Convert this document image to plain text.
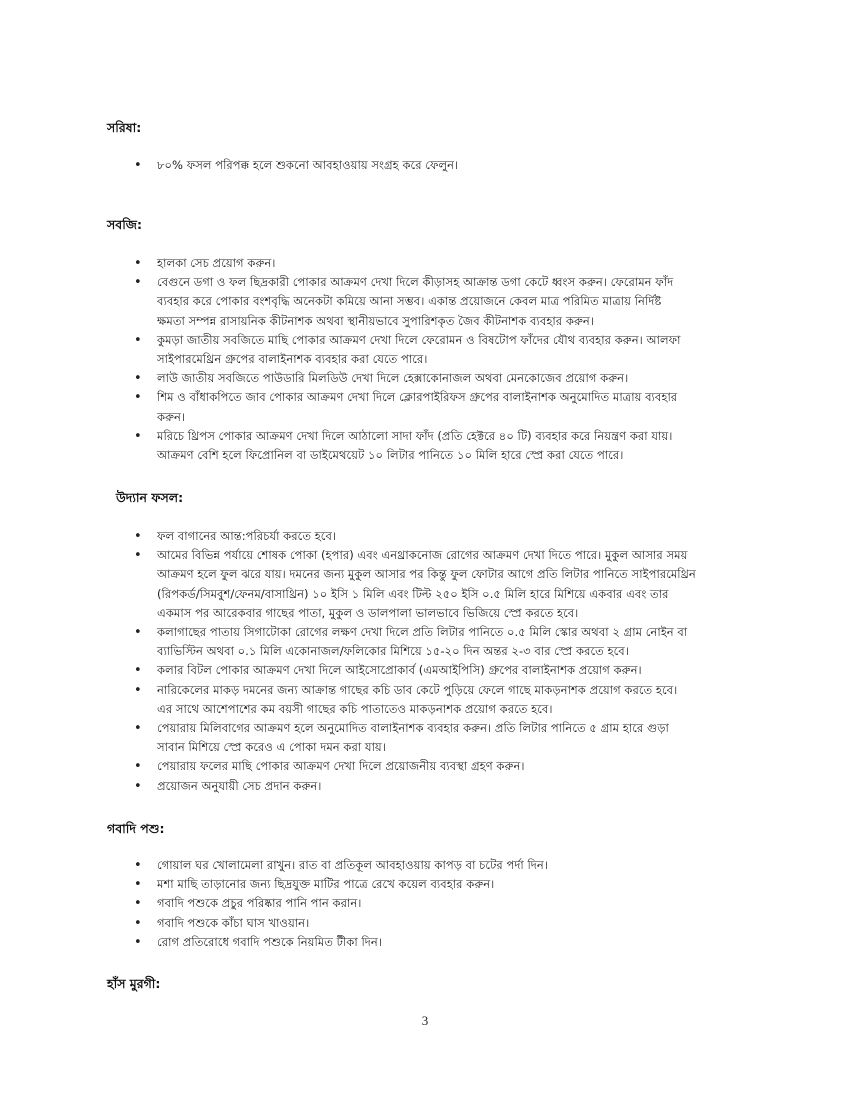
সরিষা:
• ৮০% ফসল পরিপক্ক হলে শুকনো আবহাওয়ায় সংগ্রহ করে ফেলুন।
সবজি:
• হালকা সেচ প্রয়োগ করুন।
• বেগুনে ডগা ও ফল ছিদ্রকারী পোকার আক্রমণ দেখা দিলে কীড়াসহ আক্রান্ত ডগা কেটে ধ্বংস করুন। ফেরোমন ফাঁদ
ব্যবহার করে পোকার বংশবৃদ্ধি অনেকটা কমিয়ে আনা সম্ভব। একান্ত প্রয়োজনে কেবল মাত্র পরিমিত মাত্রায় নির্দিষ্ট
ক্ষমতা সম্পন্ন রাসায়নিক কীটনাশক অথবা স্থানীয়ভাবে সুপারিশকৃত জৈব কীটনাশক ব্যবহার করুন।
• কুমড়া জাতীয় সবজিতে মাছি পোকার আক্রমণ দেখা দিলে ফেরোমন ও বিষটোপ ফাঁদের যৌথ ব্যবহার করুন। আলফা
সাইপারমেথ্রিন গ্রুপের বালাইনাশক ব্যবহার করা যেতে পারে।
• লাউ জাতীয় সবজিতে পাউডারি মিলডিউ দেখা দিলে হেক্সাকোনাজল অথবা মেনকোজেব প্রয়োগ করুন।
• শিম ও বাঁধাকপিতে জাব পোকার আক্রমণ দেখা দিলে ক্লোরপাইরিফস গ্রুপের বালাইনাশক অনুমোদিত মাত্রায় ব্যবহার
করুন।
• মরিচে থ্রিপস পোকার আক্রমণ দেখা দিলে আঠালো সাদা ফাঁদ (প্রতি হেক্টরে ৪০ টি) ব্যবহার করে নিয়ন্ত্রণ করা যায়।
আক্রমণ বেশি হলে ফিপ্রোনিল বা ডাইমেথয়েট ১০ লিটার পানিতে ১০ মিলি হারে স্প্রে করা যেতে পারে।
উদ্যান ফসল:
• ফল বাগানের আন্ত:পরিচর্যা করতে হবে।
• আমের বিভিন্ন পর্যায়ে শোষক পোকা (হপার) এবং এনথ্রাকনোজ রোগের আক্রমণ দেখা দিতে পারে। মুকুল আসার সময়
আক্রমণ হলে ফুল ঝরে যায়। দমনের জন্য মুকুল আসার পর কিন্তু ফুল ফোটার আগে প্রতি লিটার পানিতে সাইপারমেথ্রিন
(রিপকর্ড/সিমবুশ/ফেনম/বাসাথ্রিন) ১০ ইসি ১ মিলি এবং টিল্ট ২৫০ ইসি ০.৫ মিলি হারে মিশিয়ে একবার এবং তার
একমাস পর আরেকবার গাছের পাতা, মুকুল ও ডালপালা ভালভাবে ভিজিয়ে স্প্রে করতে হবে।
• কলাগাছের পাতায় সিগাটোকা রোগের লক্ষণ দেখা দিলে প্রতি লিটার পানিতে ০.৫ মিলি স্কোর অথবা ২ গ্রাম নোইন বা
ব্যাভিস্টিন অথবা ০.১ মিলি একোনাজল/ফলিকোর মিশিয়ে ১৫-২০ দিন অন্তর ২-৩ বার স্প্রে করতে হবে।
• কলার বিটল পোকার আক্রমণ দেখা দিলে আইসোপ্রোকার্ব (এমআইপিসি) গ্রুপের বালাইনাশক প্রয়োগ করুন।
• নারিকেলের মাকড় দমনের জন্য আক্রান্ত গাছের কচি ডাব কেটে পুড়িয়ে ফেলে গাছে মাকড়নাশক প্রয়োগ করতে হবে।
এর সাথে আশেপাশের কম বয়সী গাছের কচি পাতাতেও মাকড়নাশক প্রয়োগ করতে হবে।
• পেয়ারায় মিলিবাগের আক্রমণ হলে অনুমোদিত বালাইনাশক ব্যবহার করুন। প্রতি লিটার পানিতে ৫ গ্রাম হারে গুড়া
সাবান মিশিয়ে স্প্রে করেও এ পোকা দমন করা যায়।
• পেয়ারায় ফলের মাছি পোকার আক্রমণ দেখা দিলে প্রয়োজনীয় ব্যবস্থা গ্রহণ করুন।
• প্রয়োজন অনুযায়ী সেচ প্রদান করুন।
গবাদি পশু:
• গোয়াল ঘর খোলামেলা রাখুন। রাত বা প্রতিকূল আবহাওয়ায় কাপড় বা চটের পর্দা দিন।
• মশা মাছি তাড়ানোর জন্য ছিদ্রযুক্ত মাটির পাত্রে রেখে কয়েল ব্যবহার করুন।
• গবাদি পশুকে প্রচুর পরিষ্কার পানি পান করান।
• গবাদি পশুকে কাঁচা ঘাস খাওয়ান।
• রোগ প্রতিরোধে গবাদি পশুকে নিয়মিত টীকা দিন।
হাঁস মুরগী:
3
